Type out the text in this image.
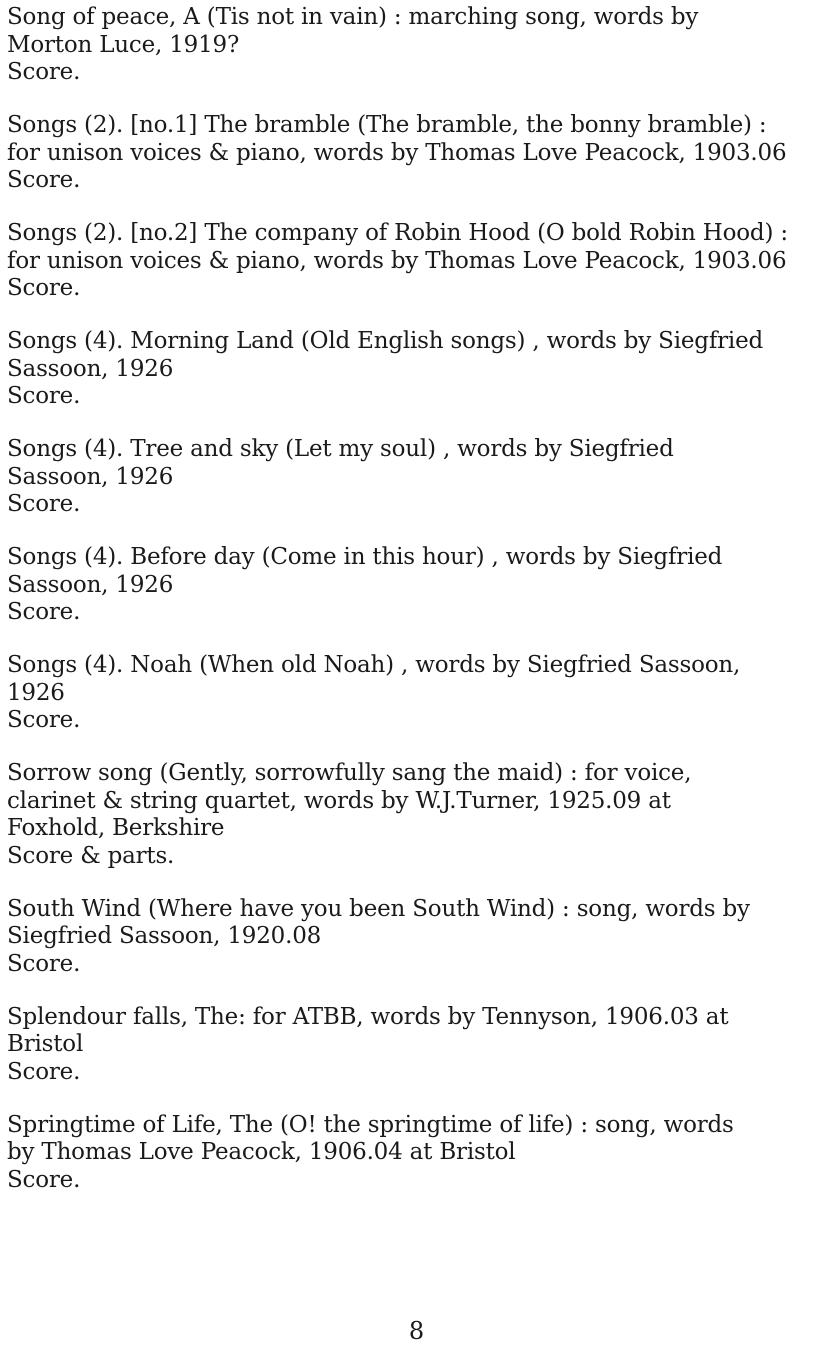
Song of peace, A (Tis not in vain) : marching song, words by
Morton Luce, 1919?
Score.
Songs (2). [no.1] The bramble (The bramble, the bonny bramble) :
for unison voices & piano, words by Thomas Love Peacock, 1903.06
Score.
Songs (2). [no.2] The company of Robin Hood (O bold Robin Hood) :
for unison voices & piano, words by Thomas Love Peacock, 1903.06
Score.
Songs (4). Morning Land (Old English songs) , words by Siegfried
Sassoon, 1926
Score.
Songs (4). Tree and sky (Let my soul) , words by Siegfried
Sassoon, 1926
Score.
Songs (4). Before day (Come in this hour) , words by Siegfried
Sassoon, 1926
Score.
Songs (4). Noah (When old Noah) , words by Siegfried Sassoon,
1926
Score.
Sorrow song (Gently, sorrowfully sang the maid) : for voice,
clarinet & string quartet, words by W.J.Turner, 1925.09 at
Foxhold, Berkshire
Score & parts.
South Wind (Where have you been South Wind) : song, words by
Siegfried Sassoon, 1920.08
Score.
Splendour falls, The: for ATBB, words by Tennyson, 1906.03 at
Bristol
Score.
Springtime of Life, The (O! the springtime of life) : song, words
by Thomas Love Peacock, 1906.04 at Bristol
Score.
8
